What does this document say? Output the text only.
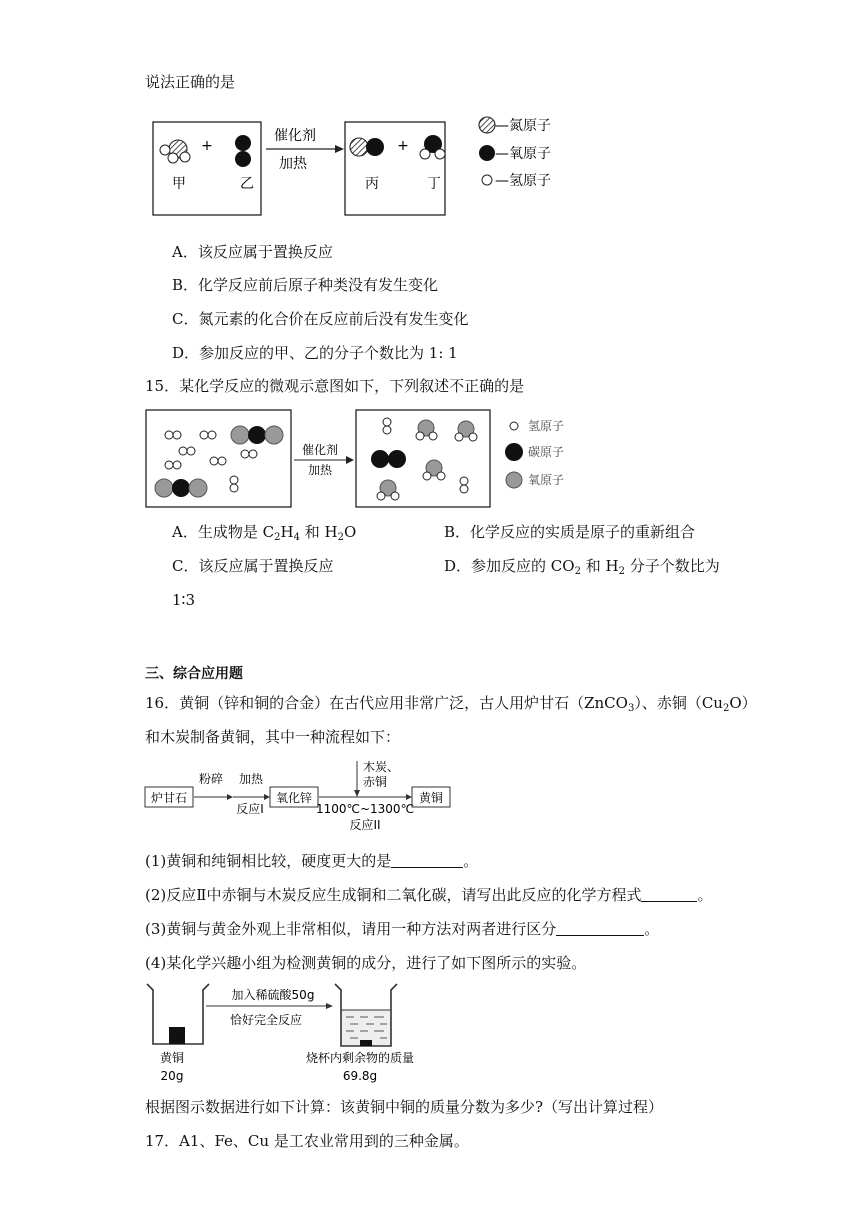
说法正确的是
+
甲	乙
催化剂
加热
+
丙	丁
—氮原子
—氧原子
—氢原子
A．该反应属于置换反应
B．化学反应前后原子种类没有发生变化
C．氮元素的化合价在反应前后没有发生变化
D．参加反应的甲、乙的分子个数比为 1: 1
15．某化学反应的微观示意图如下，下列叙述不正确的是
催化剂
加热
氢原子
碳原子
氧原子
A．生成物是 $C_2H_4$ 和 $H_2O$	B．化学反应的实质是原子的重新组合
C．该反应属于置换反应	D．参加反应的 $CO_2$ 和 $H_2$ 分子个数比为
1∶3
三、综合应用题
16．黄铜（锌和铜的合金）在古代应用非常广泛，古人用炉甘石（ZnCO$_3$）、赤铜$(Cu_2O)$
和木炭制备黄铜，其中一种流程如下：
炉甘石
粉碎 加热
反应I
氧化锌
木炭、
赤铜
1100℃~1300℃
反应II
黄铜
(1)黄铜和纯铜相比较，硬度更大的是	。
(2)反应Ⅱ中赤铜与木炭反应生成铜和二氧化碳，请写出此反应的化学方程式	。
(3)黄铜与黄金外观上非常相似，请用一种方法对两者进行区分	。
(4)某化学兴趣小组为检测黄铜的成分，进行了如下图所示的实验。
黄铜
20g
加入稀硫酸50g
恰好完全反应
烧杯内剩余物的质量
69.8g
根据图示数据进行如下计算：该黄铜中铜的质量分数为多少?（写出计算过程）
17．A1、Fe、Cu 是工农业常用到的三种金属。
